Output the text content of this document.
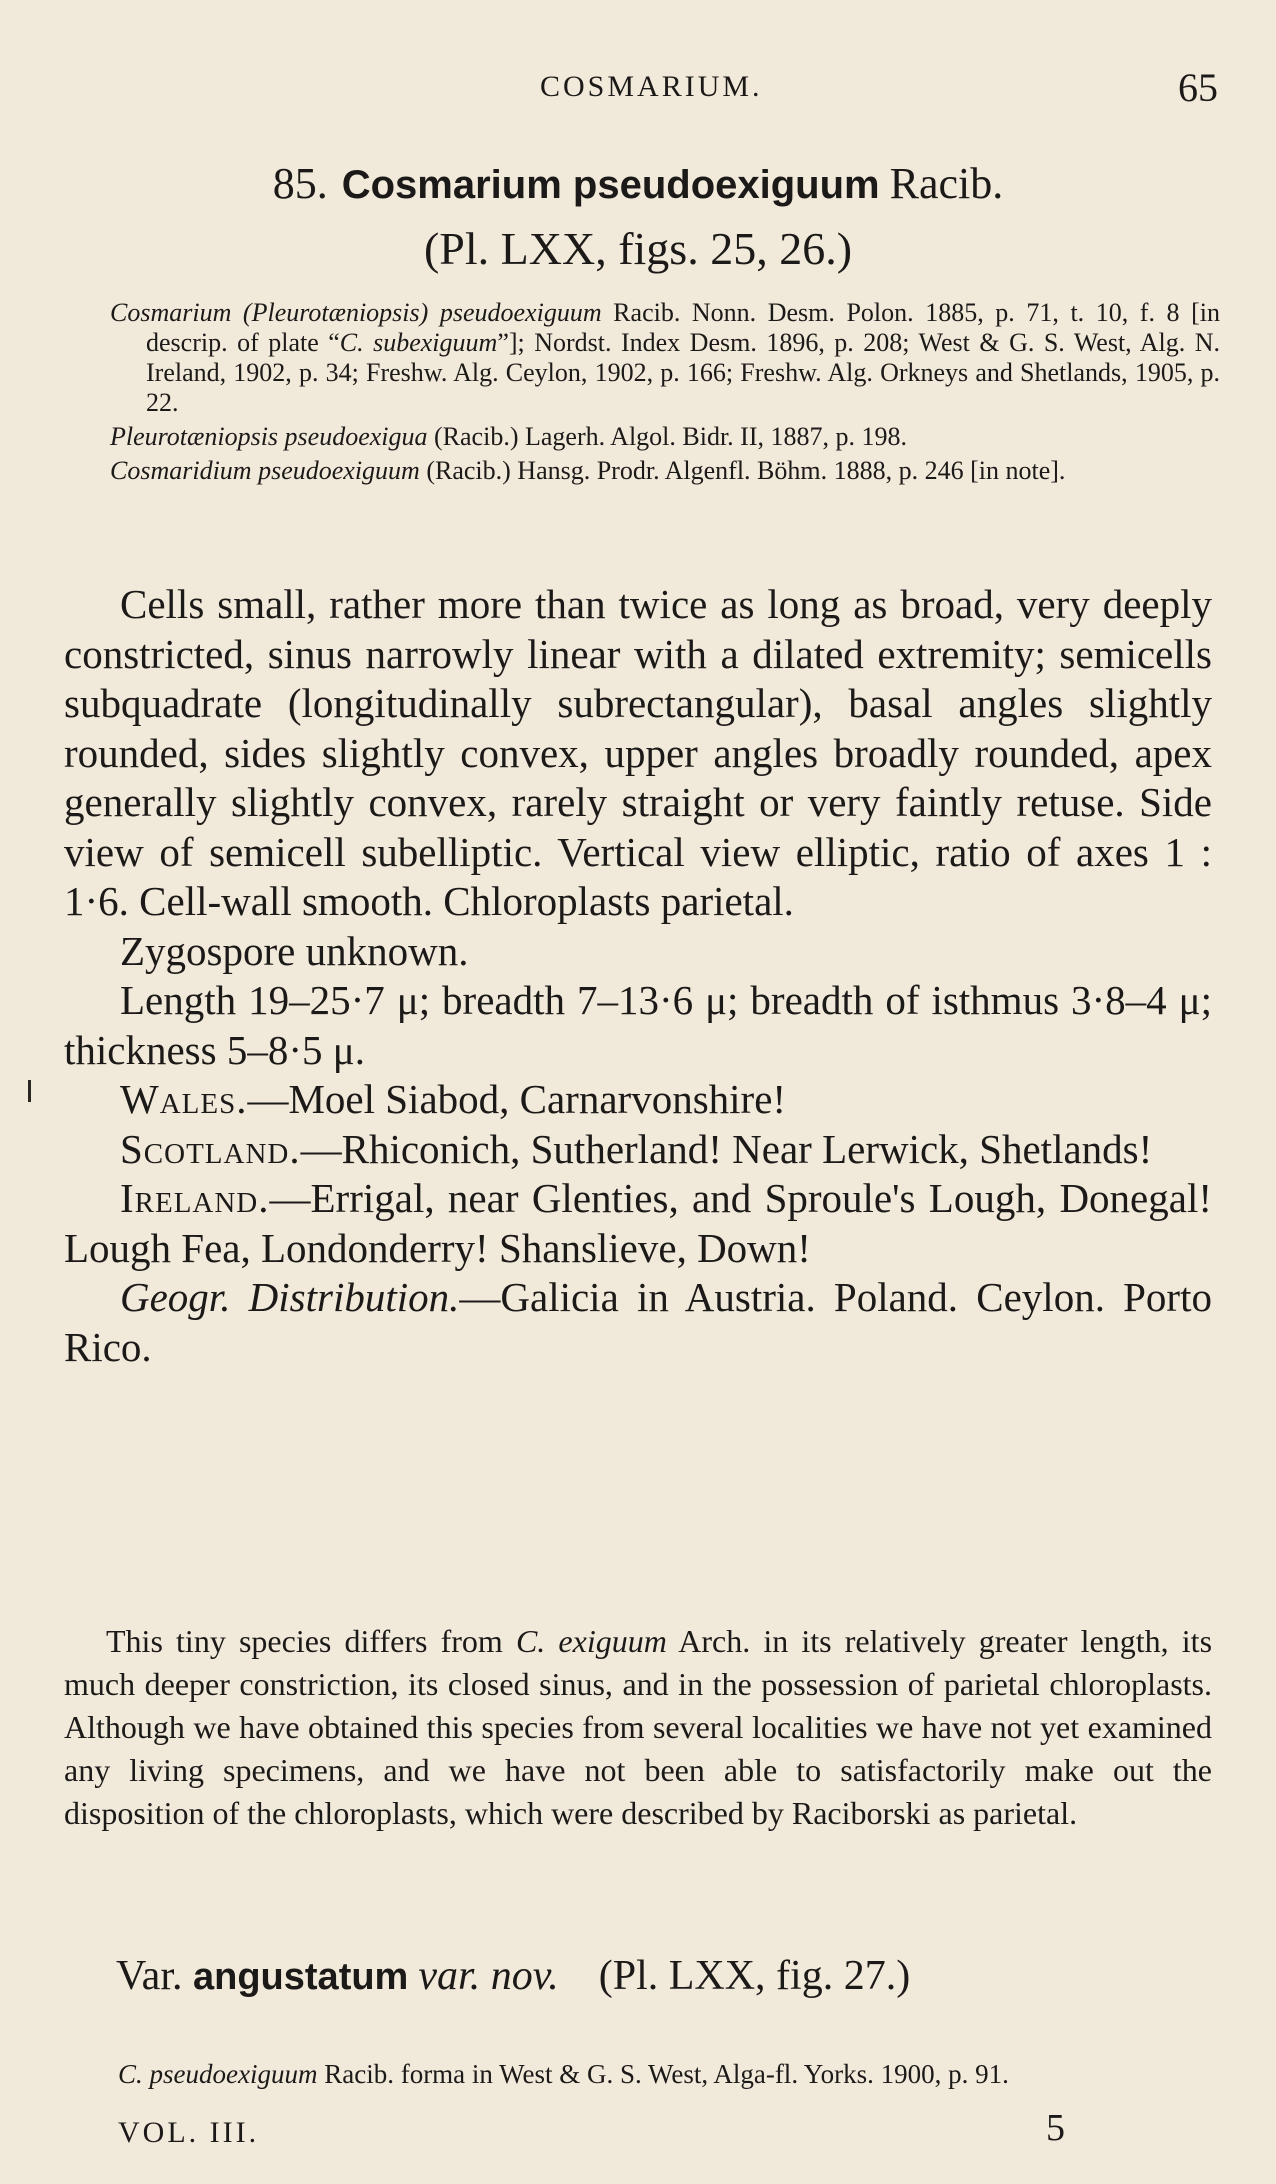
COSMARIUM.	65
85. Cosmarium pseudoexiguum Racib.
(Pl. LXX, figs. 25, 26.)

Cosmarium (Pleurotæniopsis) pseudoexiguum Racib. Nonn. Desm. Polon. 1885, p. 71, t. 10, f. 8 [in descrip. of plate “C. subexiguum”]; Nordst. Index Desm. 1896, p. 208; West & G. S. West, Alg. N. Ireland, 1902, p. 34; Freshw. Alg. Ceylon, 1902, p. 166; Freshw. Alg. Orkneys and Shetlands, 1905, p. 22.

Pleurotæniopsis pseudoexigua (Racib.) Lagerh. Algol. Bidr. II, 1887, p. 198.

Cosmaridium pseudoexiguum (Racib.) Hansg. Prodr. Algenfl. Böhm. 1888, p. 246 [in note].

Cells small, rather more than twice as long as broad, very deeply constricted, sinus narrowly linear with a dilated extremity; semicells subquadrate (longitudinally subrectangular), basal angles slightly rounded, sides slightly convex, upper angles broadly rounded, apex generally slightly convex, rarely straight or very faintly retuse. Side view of semicell subelliptic. Vertical view elliptic, ratio of axes 1 : 1·6. Cell-wall smooth. Chloroplasts parietal.

Zygospore unknown.

Length 19–25·7 μ; breadth 7–13·6 μ; breadth of isthmus 3·8–4 μ; thickness 5–8·5 μ.

Wales.—Moel Siabod, Carnarvonshire!

Scotland.—Rhiconich, Sutherland! Near Lerwick, Shetlands!

Ireland.—Errigal, near Glenties, and Sproule's Lough, Donegal! Lough Fea, Londonderry! Shanslieve, Down!

Geogr. Distribution.—Galicia in Austria. Poland. Ceylon. Porto Rico.

This tiny species differs from C. exiguum Arch. in its relatively greater length, its much deeper constriction, its closed sinus, and in the possession of parietal chloroplasts. Although we have obtained this species from several localities we have not yet examined any living specimens, and we have not been able to satisfactorily make out the disposition of the chloroplasts, which were described by Raciborski as parietal.

Var. angustatum var. nov. (Pl. LXX, fig. 27.)

C. pseudoexiguum Racib. forma in West & G. S. West, Alga-fl. Yorks. 1900, p. 91.

VOL. III.	5
